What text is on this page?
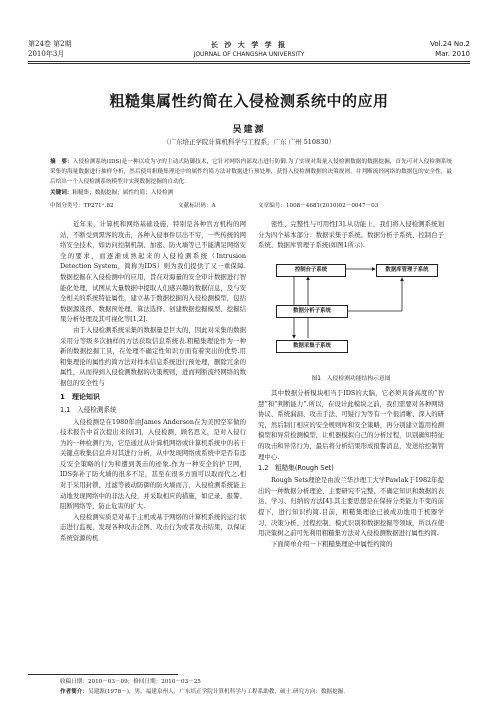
第24卷 第2期
2010年3月
长 沙 大 学 学 报
JOURNAL OF CHANGSHA UNIVERSITY
Vol.24 No.2
Mar. 2010
粗糙集属性约简在入侵检测系统中的应用
吴建源
（广东培正学院计算机科学与工程系，广东 广州 510830）
摘　要：入侵检测系统(IDS)是一种以攻为守的主动式防御技术，它针对网络内部攻击进行防御.为了实现对海量入侵检测数据的数据挖掘，首先可对入侵检测系统采集的海量数据进行抽样分析，然后使用粗糙集理论中的属性约简方法对数据进行预处理，获得入侵检测数据的决策规则，并判断流经网络的数据包的安全性，最后给出一个入侵检测系统模型并实现数据挖掘的自动化.
关键词：粗糙集；数据挖掘；属性约简；入侵检测
中图分类号：TP271⁺.82	文献标识码：A	文章编号：1008－4681(2010)02－0047－03

近年来，计算机和网络基础设施，特别是各种官方机构的网站，不断受到黑客的攻击，各种入侵事件层出不穷，一些传统的网络安全技术，如访问控制机制、加密、防火墙等已不能满足网络安全的要求，而逐渐成熟起来的入侵检测系统（Intrusion Detection System，简称为IDS）则为我们提供了又一重保障.数据挖掘在入侵检测中的应用，旨在对海量的安全审计数据进行智能化处理，试图从大量数据中提取人们感兴趣的数据信息，及与安全相关的系统特征属性，建立基于数据挖掘的入侵检测模型，包括数据源选择、数据预处理、算法选择、创建数据挖掘模型、挖掘结果分析处理及其可视化等[1,2].

由于入侵检测系统采集的数据量是巨大的，因此对采集的数据采用分等级多次抽样的方法获取信息系统表.粗糙集理论作为一种新的数据挖掘工具，在处理不确定性知识方面有着突出的优势.用粗集理论的属性约简方法对样本信息系统进行预处理，删除冗余的属性，从而得到入侵检测数据的决策规则，进而判断流经网络的数据包的安全性与

1　理论知识
1.1　入侵检测系统

入侵检测是在1980年由James Anderson在为美国空军做的技术报告中首次提出来的[3]，入侵检测，顾名思义，是对入侵行为的一种检测行为，它是通过从计算机网络或计算机系统中的若干关键点收集信息并对其进行分析，从中发现网络或系统中是否有违反安全策略的行为和遭到袭击的迹象.作为一种安全的护卫网，IDS弥补了防火墙的很多不足，甚至在很多方面可以取而代之.相对于采用封锁、过滤等被动防御的防火墙而言，入侵检测系统能主动地发现网络中的非法入侵，并采取相应的措施，如记录、报警、阻断网络等，防止危害的扩大.

入侵检测实质是对基于主机或基于网络的计算机系统的运行状态进行监视，发现各种攻击企图、攻击行为或者攻击结果，以保证系统资源的机

密性、完整性与可用性[3].从功能上，我们将入侵检测系统划分为四个基本部分：数据采集子系统、数据分析子系统、控制台子系统、数据库管理子系统(如图1所示).

控制台子系统	数据库管理子系统
数据分析子系统
数据采集子系统
图1　入侵检测功能结构示意图

其中数据分析模块相当于IDS的大脑，它必须具备高度的“智慧”和“判断能力”.所以，在设计此模块之前，我们需要对各种网络协议、系统漏洞、攻击手法、可疑行为等有一个很清晰、深入的研究，然后制订相应的安全规则库和安全策略，再分别建立滥用检测模型和异常检测模型，让机器模拟自己的分析过程，识别确知特征的攻击和异常行为，最后将分析结果形成报警消息，发送给控制管理中心.

1.2　粗糙集(Rough Set)

Rough Sets理论是由波兰华沙理工大学Pawlak于1982年提出的一种数据分析理论，主要研究不完整、不确定知识和数据的表达、学习、归纳的方法[4].其主要思想是在保持分类能力不变的前提下，进行知识约简.目前，粗糙集理论已被成功地用于机器学习、决策分析、过程控制、模式识别和数据挖掘等领域，所以在使用决策树之前可先利用粗糙集方法对入侵检测数据进行属性约简.

下面简单介绍一下粗糙集理论中属性约简的

收稿日期：2010－03－09；修回日期：2010－03－25
作者简介：吴建源(1978－)，男，福建泉州人，广东培正学院计算机科学与工程系助教，硕士.研究方向：数据挖掘.
